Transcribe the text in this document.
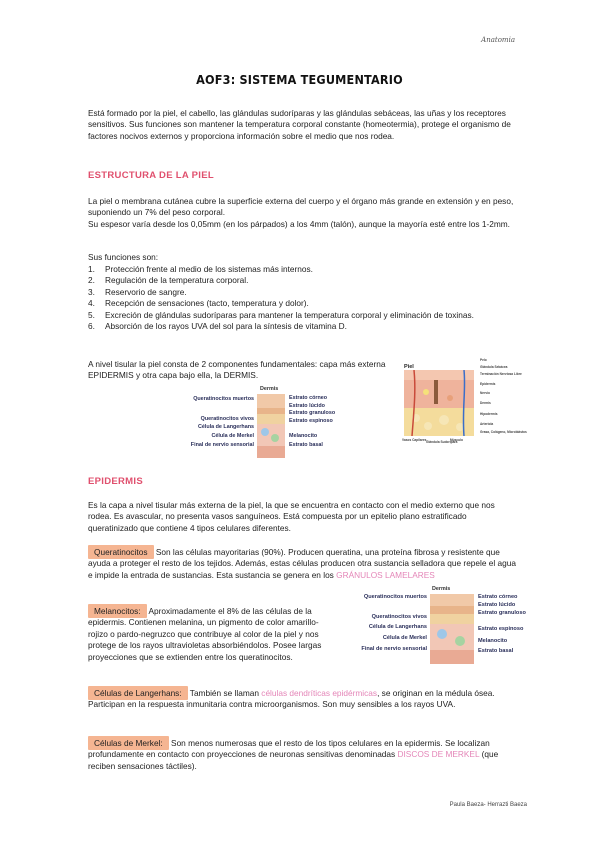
Anatomia
AOF3: SISTEMA TEGUMENTARIO
Está formado por la piel, el cabello, las glándulas sudoríparas y las glándulas sebáceas, las uñas y los receptores sensitivos. Sus funciones son mantener la temperatura corporal constante (homeotermia), protege el organismo de factores nocivos externos y proporciona información sobre el medio que nos rodea.
ESTRUCTURA DE LA PIEL
La piel o membrana cutánea cubre la superficie externa del cuerpo y el órgano más grande en extensión y en peso, suponiendo un 7% del peso corporal.
Su espesor varía desde los 0,05mm (en los párpados) a los 4mm (talón), aunque la mayoría esté entre los 1-2mm.
Sus funciones son:
1. Protección frente al medio de los sistemas más internos.
2. Regulación de la temperatura corporal.
3. Reservorio de sangre.
4. Recepción de sensaciones (tacto, temperatura y dolor).
5. Excreción de glándulas sudoríparas para mantener la temperatura corporal y eliminación de toxinas.
6. Absorción de los rayos UVA del sol para la síntesis de vitamina D.
A nivel tisular la piel consta de 2 componentes fundamentales: capa más externa EPIDERMIS y otra capa bajo ella, la DERMIS.
Dermis
Queratinocitos muertos
Queratinocitos vivos
Célula de Langerhans
Célula de Merkel
Final de nervio sensorial
Estrato córneo
Estrato lúcido
Estrato granuloso
Estrato espinoso
Melanocito
Estrato basal
Piel
Pelo
Glándula Sebácea
Terminación Nerviosa Libre
Epidermis
Nervio
Dermis
Hipodermis
Arteriola
Grasa, Colágeno, Microbiástos
Vasos Capilares Glándula Sudorípara
Músculo
EPIDERMIS
Es la capa a nivel tisular más externa de la piel, la que se encuentra en contacto con el medio externo que nos rodea. Es avascular, no presenta vasos sanguíneos. Está compuesta por un epitelio plano estratificado queratinizado que contiene 4 tipos celulares diferentes.
Queratinocitos Son las células mayoritarias (90%). Producen queratina, una proteína fibrosa y resistente que ayuda a proteger el resto de los tejidos. Además, estas células producen otra sustancia selladora que repele el agua e impide la entrada de sustancias. Esta sustancia se genera en los GRÁNULOS LAMELARES
Melanocitos: Aproximadamente el 8% de las células de la epidermis. Contienen melanina, un pigmento de color amarillo-rojizo o pardo-negruzco que contribuye al color de la piel y nos protege de los rayos ultravioletas absorbiéndolos. Posee largas proyecciones que se extienden entre los queratinocitos.
Dermis
Queratinocitos muertos
Queratinocitos vivos
Célula de Langerhans
Célula de Merkel
Final de nervio sensorial
Estrato córneo
Estrato lúcido
Estrato granuloso
Estrato espinoso
Melanocito
Estrato basal
Células de Langerhans: También se llaman células dendríticas epidérmicas, se originan en la médula ósea. Participan en la respuesta inmunitaria contra microorganismos. Son muy sensibles a los rayos UVA.
Células de Merkel: Son menos numerosas que el resto de los tipos celulares en la epidermis. Se localizan profundamente en contacto con proyecciones de neuronas sensitivas denominadas DISCOS DE MERKEL (que reciben sensaciones táctiles).
Paula Baeza- Herrazti Baeza
